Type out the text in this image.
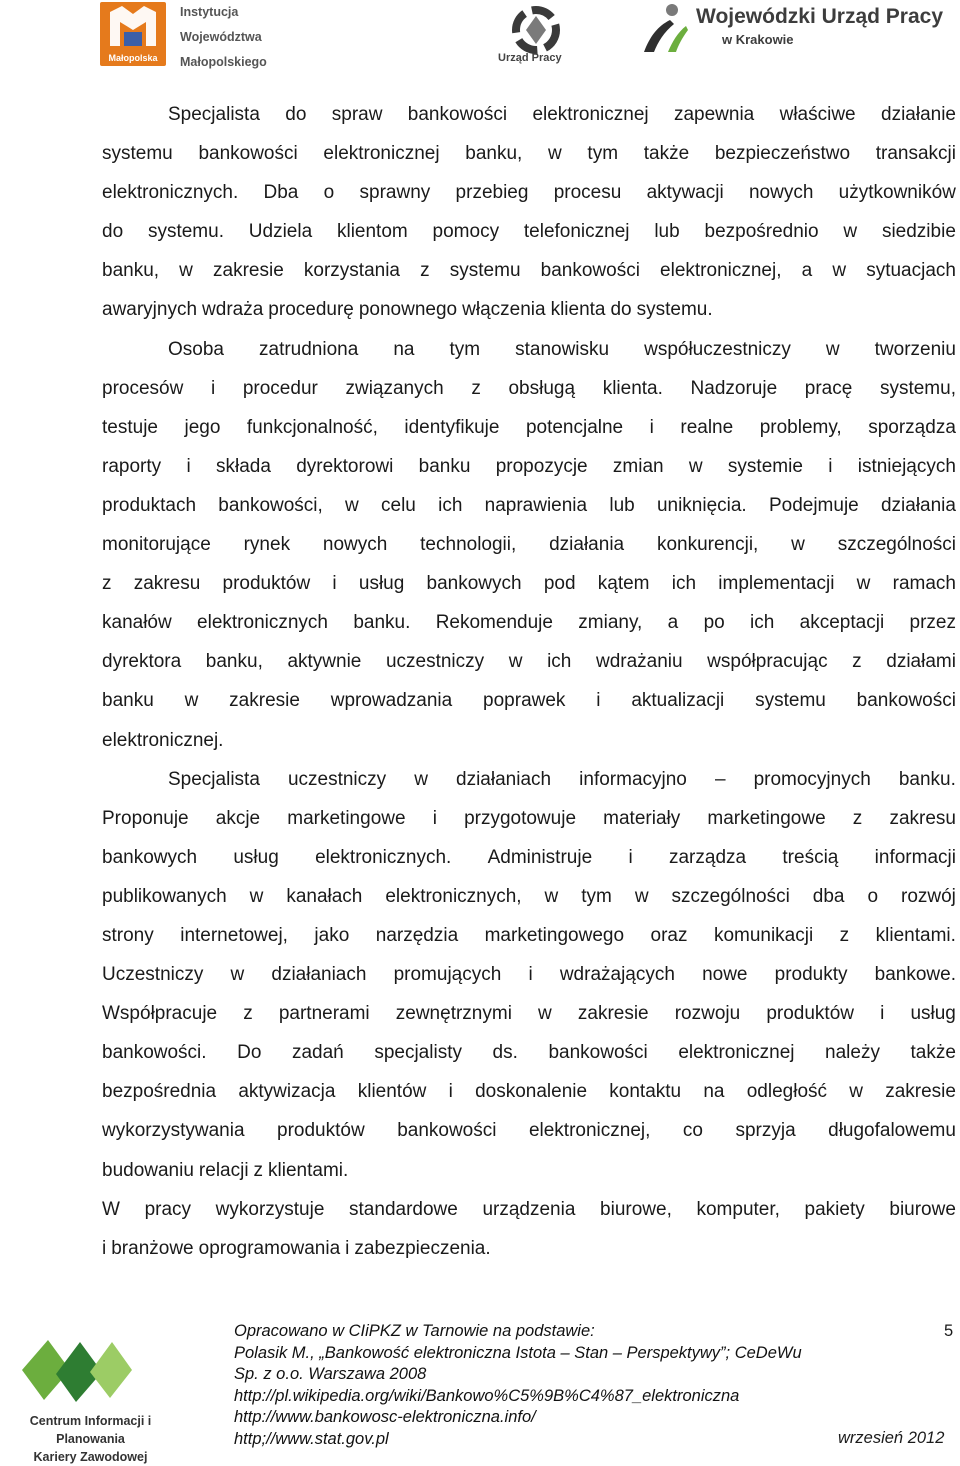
Małopolska
Instytucja
Województwa
Małopolskiego	Urząd Pracy
Wojewódzki Urząd Pracy
w Krakowie
Specjalista do spraw bankowości elektronicznej zapewnia właściwe działanie
systemu bankowości elektronicznej banku, w tym także bezpieczeństwo transakcji
elektronicznych. Dba o sprawny przebieg procesu aktywacji nowych użytkowników
do systemu. Udziela klientom pomocy telefonicznej lub bezpośrednio w siedzibie
banku, w zakresie korzystania z systemu bankowości elektronicznej, a w sytuacjach
awaryjnych wdraża procedurę ponownego włączenia klienta do systemu.
Osoba zatrudniona na tym stanowisku współuczestniczy w tworzeniu
procesów i procedur związanych z obsługą klienta. Nadzoruje pracę systemu,
testuje jego funkcjonalność, identyfikuje potencjalne i realne problemy, sporządza
raporty i składa dyrektorowi banku propozycje zmian w systemie i istniejących
produktach bankowości, w celu ich naprawienia lub uniknięcia. Podejmuje działania
monitorujące rynek nowych technologii, działania konkurencji, w szczególności
z zakresu produktów i usług bankowych pod kątem ich implementacji w ramach
kanałów elektronicznych banku. Rekomenduje zmiany, a po ich akceptacji przez
dyrektora banku, aktywnie uczestniczy w ich wdrażaniu współpracując z działami
banku w zakresie wprowadzania poprawek i aktualizacji systemu bankowości
elektronicznej.
Specjalista uczestniczy w działaniach informacyjno – promocyjnych banku.
Proponuje akcje marketingowe i przygotowuje materiały marketingowe z zakresu
bankowych usług elektronicznych. Administruje i zarządza treścią informacji
publikowanych w kanałach elektronicznych, w tym w szczególności dba o rozwój
strony internetowej, jako narzędzia marketingowego oraz komunikacji z klientami.
Uczestniczy w działaniach promujących i wdrażających nowe produkty bankowe.
Współpracuje z partnerami zewnętrznymi w zakresie rozwoju produktów i usług
bankowości. Do zadań specjalisty ds. bankowości elektronicznej należy także
bezpośrednia aktywizacja klientów i doskonalenie kontaktu na odległość w zakresie
wykorzystywania produktów bankowości elektronicznej, co sprzyja długofalowemu
budowaniu relacji z klientami.
W pracy wykorzystuje standardowe urządzenia biurowe, komputer, pakiety biurowe
i branżowe oprogramowania i zabezpieczenia.
Centrum Informacji i Planowania
Kariery Zawodowej
Opracowano w CIiPKZ w Tarnowie na podstawie:
Polasik M., „Bankowość elektroniczna Istota – Stan – Perspektywy”; CeDeWu
Sp. z o.o. Warszawa 2008
http://pl.wikipedia.org/wiki/Bankowo%C5%9B%C4%87_elektroniczna
http://www.bankowosc-elektroniczna.info/
http;//www.stat.gov.pl
5
wrzesień 2012
